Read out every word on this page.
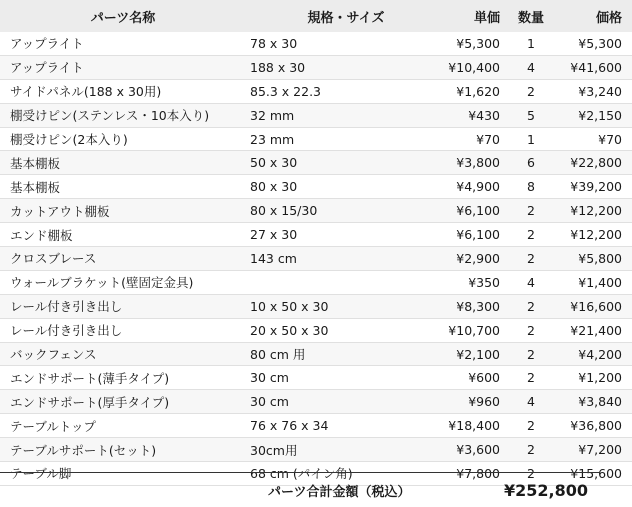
パーツ名称	規格・サイズ	単価	数量	価格
アップライト	78 x 30	¥5,300	1	¥5,300
アップライト	188 x 30	¥10,400	4	¥41,600
サイドパネル(188 x 30用)	85.3 x 22.3	¥1,620	2	¥3,240
棚受けピン(ステンレス・10本入り)	32 mm	¥430	5	¥2,150
棚受けピン(2本入り)	23 mm	¥70	1	¥70
基本棚板	50 x 30	¥3,800	6	¥22,800
基本棚板	80 x 30	¥4,900	8	¥39,200
カットアウト棚板	80 x 15/30	¥6,100	2	¥12,200
エンド棚板	27 x 30	¥6,100	2	¥12,200
クロスブレース	143 cm	¥2,900	2	¥5,800
ウォールブラケット(壁固定金具)		¥350	4	¥1,400
レール付き引き出し	10 x 50 x 30	¥8,300	2	¥16,600
レール付き引き出し	20 x 50 x 30	¥10,700	2	¥21,400
バックフェンス	80 cm 用	¥2,100	2	¥4,200
エンドサポート(薄手タイプ)	30 cm	¥600	2	¥1,200
エンドサポート(厚手タイプ)	30 cm	¥960	4	¥3,840
テーブルトップ	76 x 76 x 34	¥18,400	2	¥36,800
テーブルサポート(セット)	30cm用	¥3,600	2	¥7,200
テーブル脚	68 cm (パイン角)	¥7,800	2	¥15,600
パーツ合計金額（税込）	¥252,800
